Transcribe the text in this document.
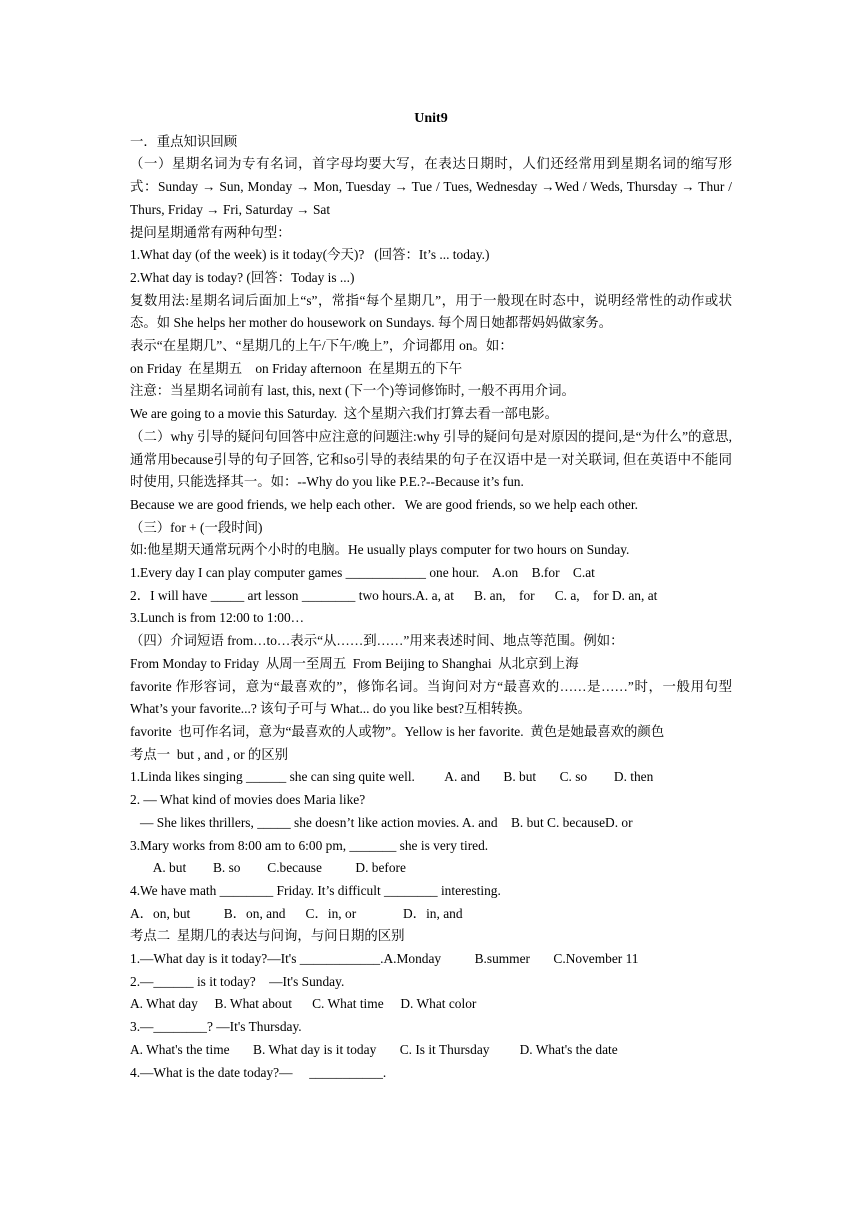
Unit9
一．重点知识回顾
（一）星期名词为专有名词，首字母均要大写，在表达日期时，人们还经常用到星期名词的缩写形式：Sunday → Sun, Monday → Mon, Tuesday → Tue / Tues, Wednesday →Wed / Weds, Thursday → Thur / Thurs, Friday → Fri, Saturday → Sat
提问星期通常有两种句型：
1.What day (of the week) is it today(今天)?   (回答：It’s ... today.)
2.What day is today? (回答：Today is ...)
复数用法:星期名词后面加上“s”，常指“每个星期几”，用于一般现在时态中，说明经常性的动作或状态。如 She helps her mother do housework on Sundays. 每个周日她都帮妈妈做家务。
表示“在星期几”、“星期几的上午/下午/晚上”，介词都用 on。如：
on Friday  在星期五    on Friday afternoon  在星期五的下午
注意：当星期名词前有 last, this, next (下一个)等词修饰时, 一般不再用介词。
We are going to a movie this Saturday.  这个星期六我们打算去看一部电影。
（二）why 引导的疑问句回答中应注意的问题注:why 引导的疑问句是对原因的提问,是“为什么”的意思, 通常用because引导的句子回答, 它和so引导的表结果的句子在汉语中是一对关联词, 但在英语中不能同时使用, 只能选择其一。如：--Why do you like P.E.?--Because it’s fun.
Because we are good friends, we help each other．We are good friends, so we help each other.
（三）for + (一段时间)
如:他星期天通常玩两个小时的电脑。He usually plays computer for two hours on Sunday.
1.Every day I can play computer games ____________ one hour.    A.on    B.for    C.at
2．I will have _____ art lesson ________ two hours.A. a, at      B. an,    for      C. a,    for D. an, at
3.Lunch is from 12:00 to 1:00…
（四）介词短语 from…to…表示“从……到……”用来表述时间、地点等范围。例如：
From Monday to Friday  从周一至周五  From Beijing to Shanghai  从北京到上海
favorite 作形容词，意为“最喜欢的”，修饰名词。当询问对方“最喜欢的……是……”时，一般用句型 What’s your favorite...? 该句子可与 What... do you like best?互相转换。
favorite  也可作名词，意为“最喜欢的人或物”。Yellow is her favorite.  黄色是她最喜欢的颜色
考点一  but , and , or 的区别
1.Linda likes singing ______ she can sing quite well.         A. and       B. but       C. so        D. then
2. — What kind of movies does Maria like?
— She likes thrillers, _____ she doesn’t like action movies. A. and    B. but C. becauseD. or
3.Mary works from 8:00 am to 6:00 pm, _______ she is very tired.
A. but        B. so        C.because          D. before
4.We have math ________ Friday. It’s difficult ________ interesting.
A．on, but          B．on, and      C．in, or              D．in, and
考点二  星期几的表达与问询，与问日期的区别
1.—What day is it today?—It's ____________.A.Monday          B.summer       C.November 11
2.—______ is it today?    —It's Sunday.
A. What day     B. What about      C. What time     D. What color
3.—________? —It's Thursday.
A. What's the time       B. What day is it today       C. Is it Thursday         D. What's the date
4.—What is the date today?—     ___________.
